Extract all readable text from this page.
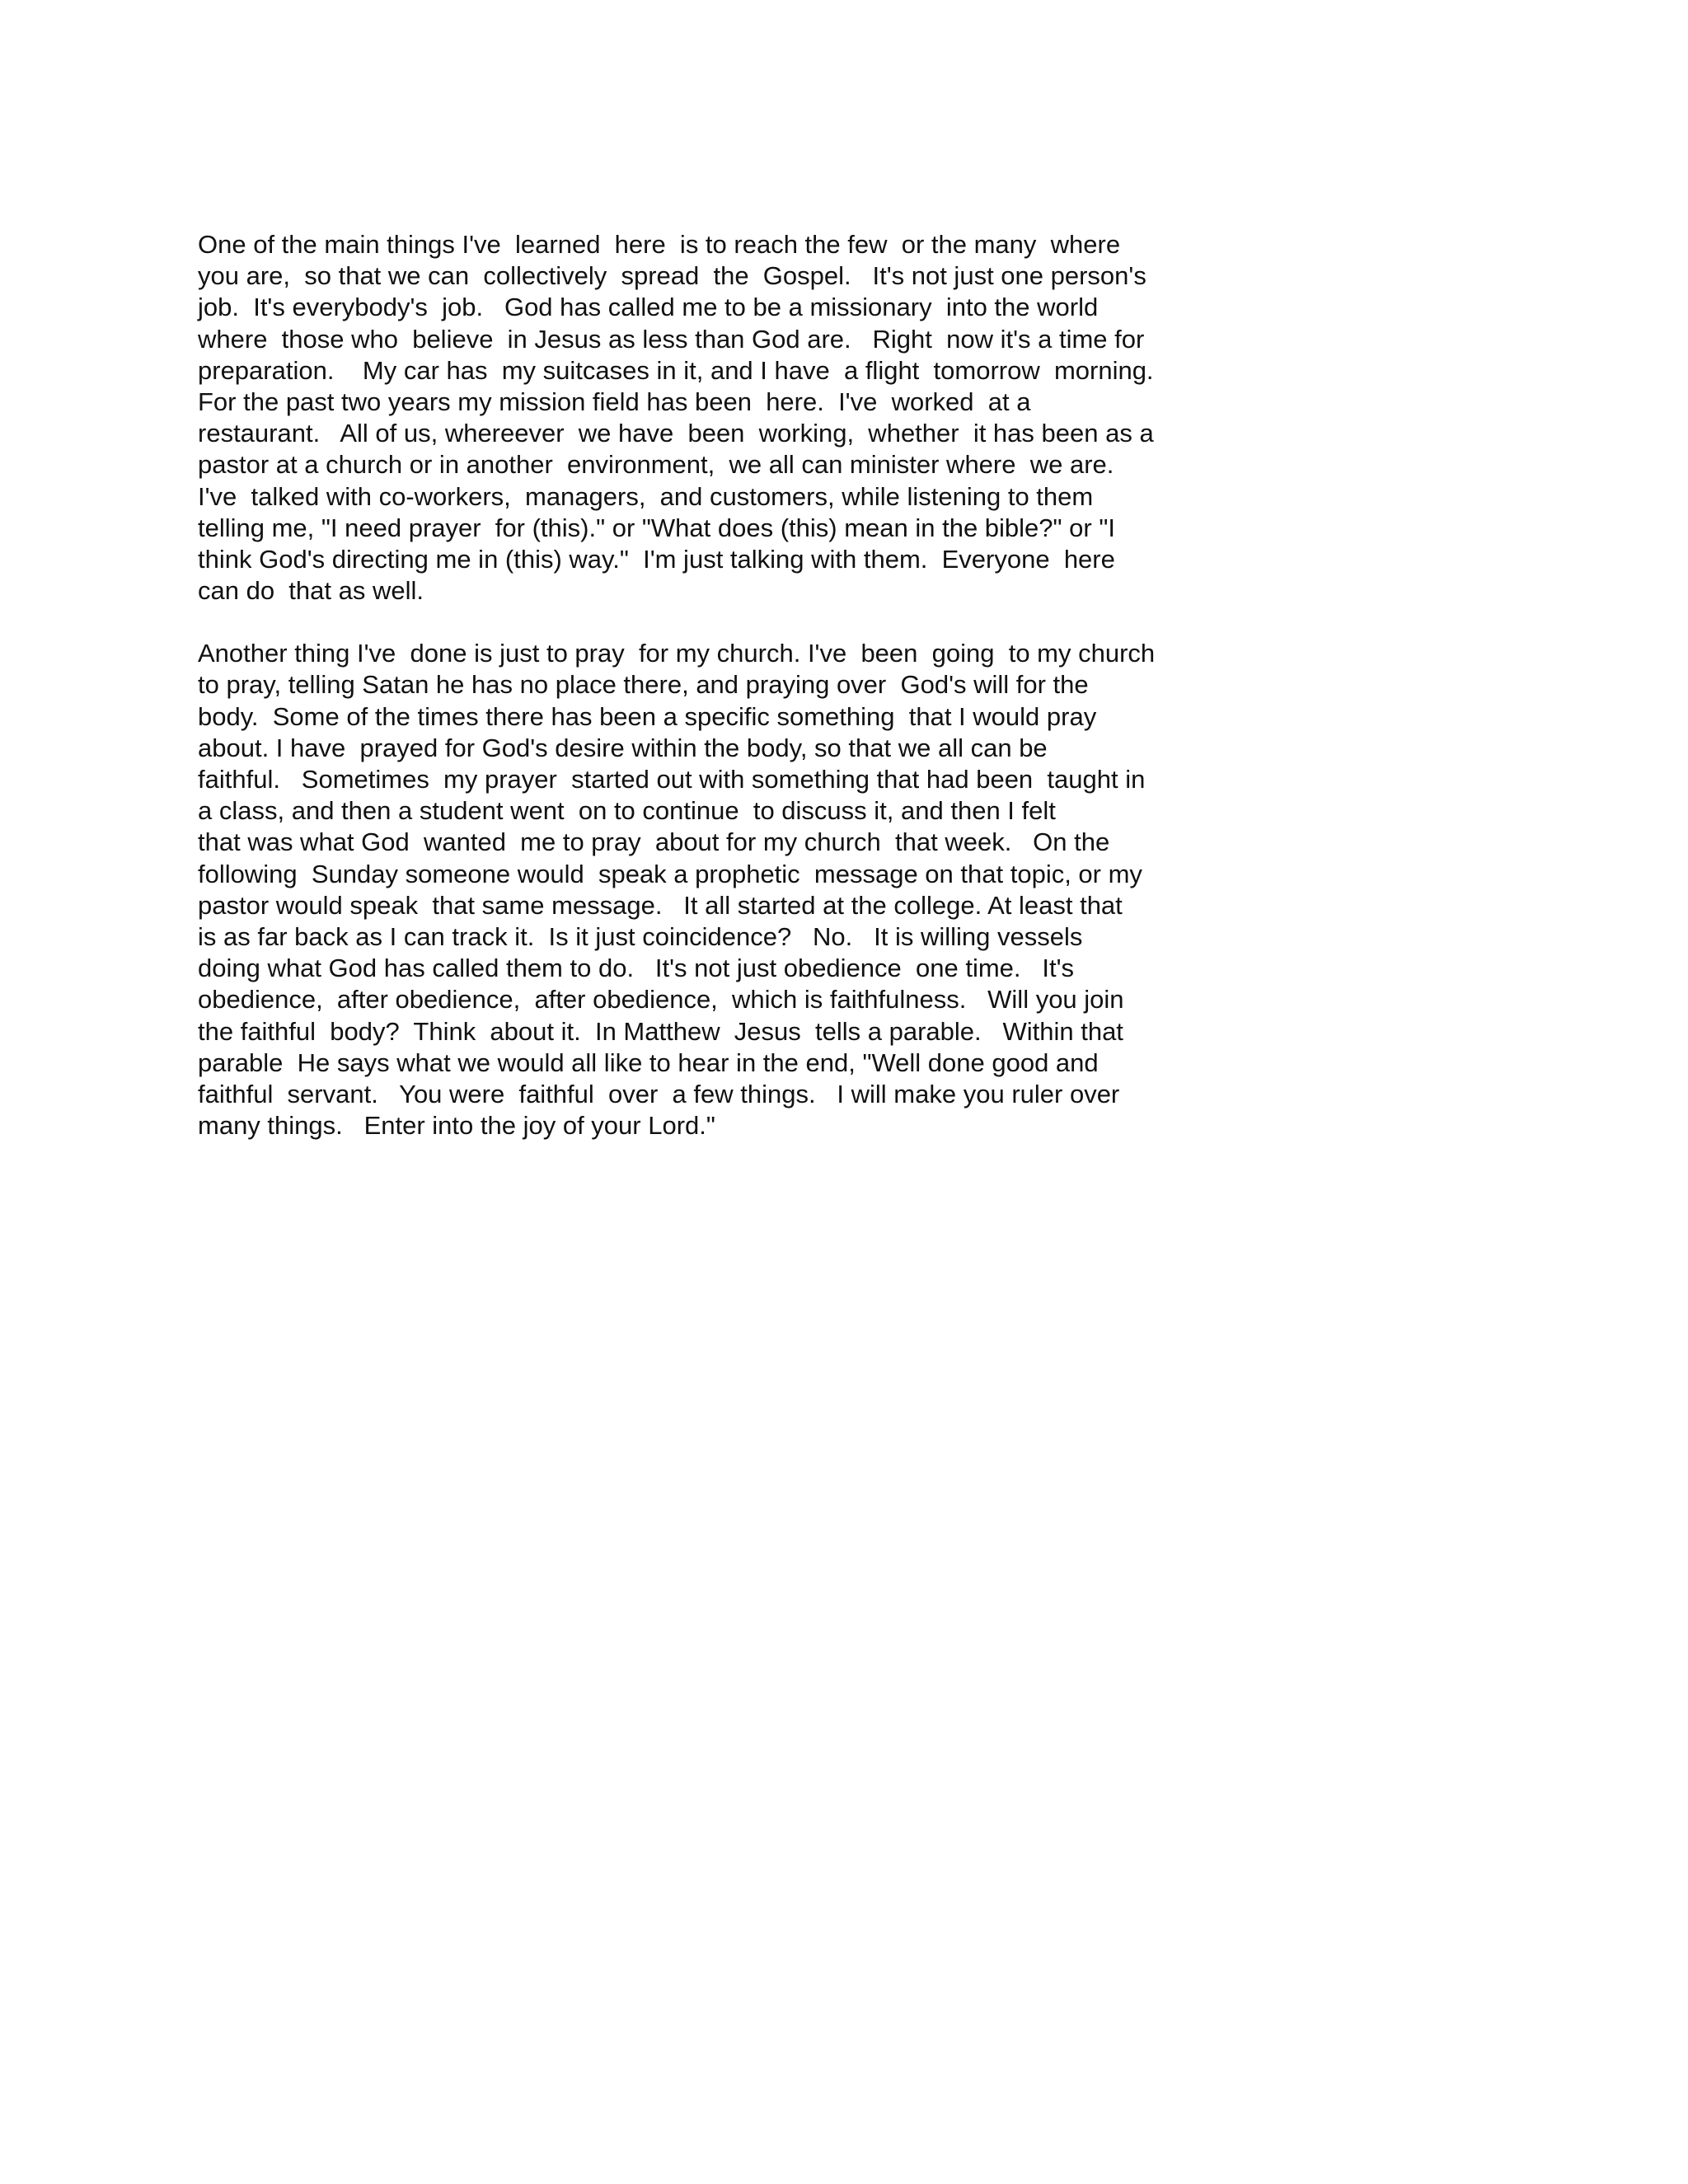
One of the main things I've  learned  here  is to reach the few  or the many  where
you are,  so that we can  collectively  spread  the  Gospel.   It's not just one person's
job.  It's everybody's  job.   God has called me to be a missionary  into the world
where  those who  believe  in Jesus as less than God are.   Right  now it's a time for
preparation.    My car has  my suitcases in it, and I have  a flight  tomorrow  morning.
For the past two years my mission field has been  here.  I've  worked  at a
restaurant.   All of us, whereever  we have  been  working,  whether  it has been as a
pastor at a church or in another  environment,  we all can minister where  we are.
I've  talked with co-workers,  managers,  and customers, while listening to them
telling me, "I need prayer  for (this)." or "What does (this) mean in the bible?" or "I
think God's directing me in (this) way."  I'm just talking with them.  Everyone  here
can do  that as well.

Another thing I've  done is just to pray  for my church. I've  been  going  to my church
to pray, telling Satan he has no place there, and praying over  God's will for the
body.  Some of the times there has been a specific something  that I would pray
about. I have  prayed for God's desire within the body, so that we all can be
faithful.   Sometimes  my prayer  started out with something that had been  taught in
a class, and then a student went  on to continue  to discuss it, and then I felt
that was what God  wanted  me to pray  about for my church  that week.   On the
following  Sunday someone would  speak a prophetic  message on that topic, or my
pastor would speak  that same message.   It all started at the college. At least that
is as far back as I can track it.  Is it just coincidence?   No.   It is willing vessels
doing what God has called them to do.   It's not just obedience  one time.   It's
obedience,  after obedience,  after obedience,  which is faithfulness.   Will you join
the faithful  body?  Think  about it.  In Matthew  Jesus  tells a parable.   Within that
parable  He says what we would all like to hear in the end, "Well done good and
faithful  servant.   You were  faithful  over  a few things.   I will make you ruler over
many things.   Enter into the joy of your Lord."
